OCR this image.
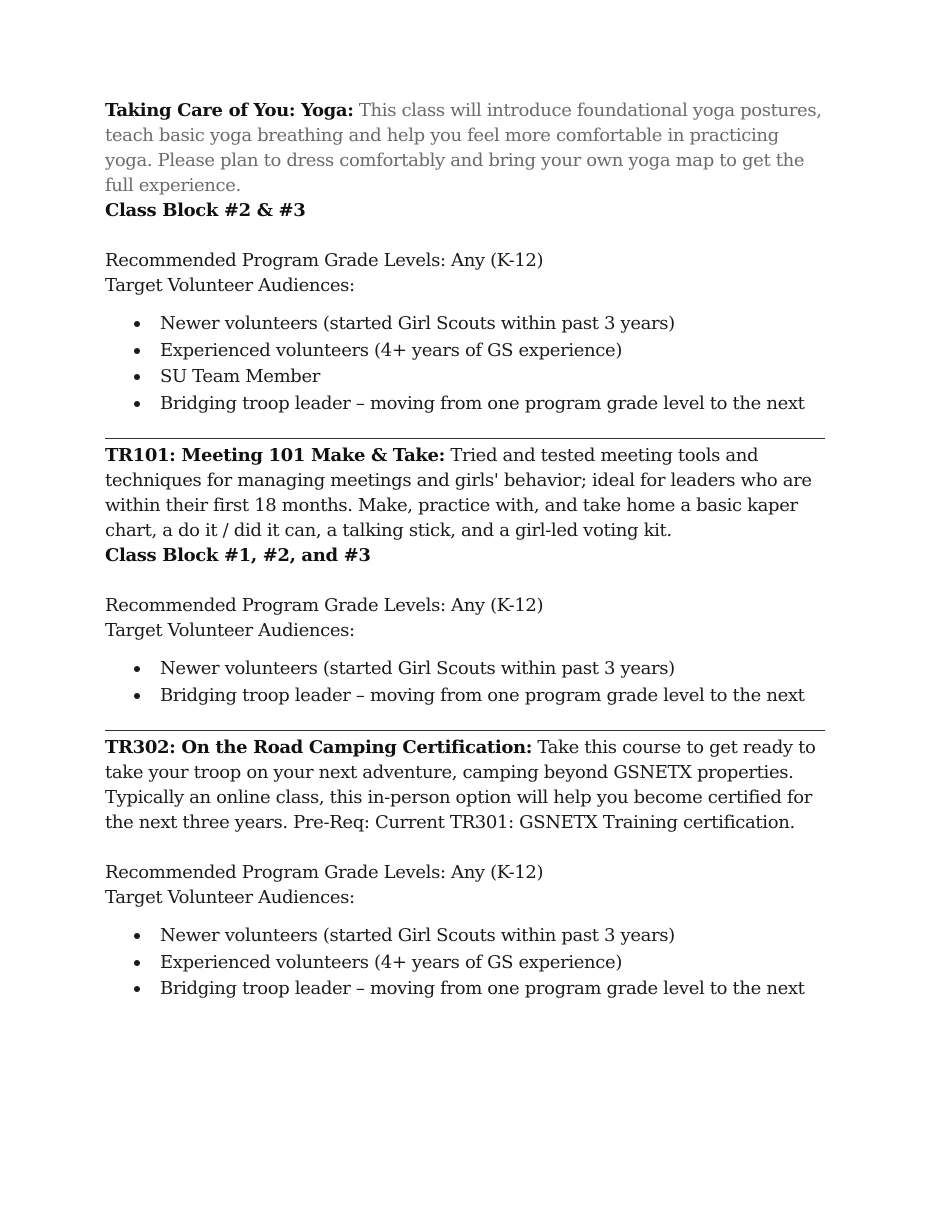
Taking Care of You: Yoga: This class will introduce foundational yoga postures, teach basic yoga breathing and help you feel more comfortable in practicing yoga. Please plan to dress comfortably and bring your own yoga map to get the full experience.

Class Block #2 & #3

Recommended Program Grade Levels: Any (K-12)

Target Volunteer Audiences:

Newer volunteers (started Girl Scouts within past 3 years)
Experienced volunteers (4+ years of GS experience)
SU Team Member
Bridging troop leader – moving from one program grade level to the next

TR101: Meeting 101 Make & Take: Tried and tested meeting tools and techniques for managing meetings and girls' behavior; ideal for leaders who are within their first 18 months. Make, practice with, and take home a basic kaper chart, a do it / did it can, a talking stick, and a girl-led voting kit.

Class Block #1, #2, and #3

Recommended Program Grade Levels: Any (K-12)

Target Volunteer Audiences:

Newer volunteers (started Girl Scouts within past 3 years)
Bridging troop leader – moving from one program grade level to the next

TR302: On the Road Camping Certification: Take this course to get ready to take your troop on your next adventure, camping beyond GSNETX properties. Typically an online class, this in-person option will help you become certified for the next three years. Pre-Req: Current TR301: GSNETX Training certification.

Recommended Program Grade Levels: Any (K-12)

Target Volunteer Audiences:

Newer volunteers (started Girl Scouts within past 3 years)
Experienced volunteers (4+ years of GS experience)
Bridging troop leader – moving from one program grade level to the next
